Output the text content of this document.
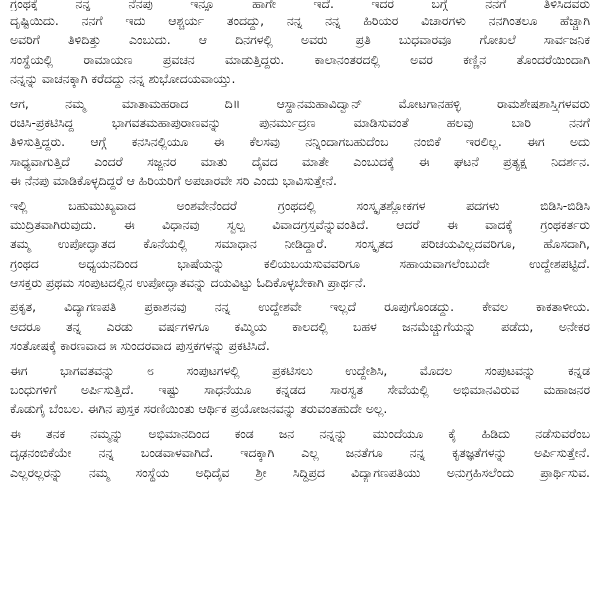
ಗ್ರಂಥಕ್ಕೆ ನನ್ನ ನೆನಪು ಇನ್ನೂ ಹಾಗೇ ಇದೆ. ಇದರ ಬಗ್ಗೆ ನನಗೆ ತಿಳಿಸಿದವರು
ದೃಷ್ಟಿಯಿದು. ನನಗೆ ಇದು ಆಶ್ಚರ್ಯ ತಂದದ್ದು, ನನ್ನ ನನ್ನ ಹಿರಿಯರ ವಿಚಾರಗಳು ನನಗಿಂತಲೂ ಹೆಚ್ಚಾಗಿ
ಅವರಿಗೆ ತಿಳಿದಿತ್ತು ಎಂಬುದು. ಆ ದಿನಗಳಲ್ಲಿ ಅವರು ಪ್ರತಿ ಬುಧವಾರವೂ ಗೋಖಲೆ ಸಾರ್ವಜನಿಕ
ಸಂಸ್ಥೆಯಲ್ಲಿ ರಾಮಾಯಣ ಪ್ರವಚನ ಮಾಡುತ್ತಿದ್ದರು. ಕಾಲಾನಂತರದಲ್ಲಿ ಅವರ ಕಣ್ಣಿನ ತೊಂದರೆಯಿಂದಾಗಿ
ನನ್ನನ್ನು ವಾಚನಕ್ಕಾಗಿ ಕರೆದದ್ದು ನನ್ನ ಶುಭೋದಯವಾಯ್ತು.
ಆಗ, ನಮ್ಮ ಮಾತಾಮಹರಾದ ದಿ॥ ಆಸ್ಥಾನಮಹಾವಿದ್ವಾನ್ ಮೋಟಗಾನಹಳ್ಳಿ ರಾಮಶೇಷಶಾಸ್ತ್ರಿಗಳವರು
ರಚಿಸಿ-ಪ್ರಕಟಿಸಿದ್ದ ಭಾಗವತಮಹಾಪುರಾಣವನ್ನು ಪುನರ್ಮುದ್ರಣ ಮಾಡಿಸುವಂತೆ ಹಲವು ಬಾರಿ ನನಗೆ
ತಿಳಿಸುತ್ತಿದ್ದರು. ಆಗ್ಗೆ ಕನಸಿನಲ್ಲಿಯೂ ಈ ಕೆಲಸವು ನನ್ನಿಂದಾಗಬಹುದೆಂಬ ನಂಬಿಕೆ ಇರಲಿಲ್ಲ. ಈಗ ಅದು
ಸಾಧ್ಯವಾಗುತ್ತಿದೆ ಎಂದರೆ ಸಜ್ಜನರ ಮಾತು ದೈವದ ಮಾತೇ ಎಂಬುದಕ್ಕೆ ಈ ಘಟನೆ ಪ್ರತ್ಯಕ್ಷ ನಿದರ್ಶನ.
ಈ ನೆನಪು ಮಾಡಿಕೊಳ್ಳದಿದ್ದರೆ ಆ ಹಿರಿಯರಿಗೆ ಅಪಚಾರವೇ ಸರಿ ಎಂದು ಭಾವಿಸುತ್ತೇನೆ.
ಇಲ್ಲಿ ಬಹುಮುಖ್ಯವಾದ ಅಂಶವೇನೆಂದರೆ ಗ್ರಂಥದಲ್ಲಿ ಸಂಸ್ಕೃತಶ್ಲೋಕಗಳ ಪದಗಳು ಬಿಡಿಸಿ-ಬಿಡಿಸಿ
ಮುದ್ರಿತವಾಗಿರುವುದು. ಈ ವಿಧಾನವು ಸ್ವಲ್ಪ ವಿವಾದಗ್ರಸ್ತವೆನ್ನುವಂತಿದೆ. ಆದರೆ ಈ ವಾದಕ್ಕೆ ಗ್ರಂಥಕರ್ತರು
ತಮ್ಮ ಉಪೋದ್ಘಾತದ ಕೊನೆಯಲ್ಲಿ ಸಮಾಧಾನ ನೀಡಿದ್ದಾರೆ. ಸಂಸ್ಕೃತದ ಪರಿಚಯವಿಲ್ಲದವರಿಗೂ, ಹೊಸದಾಗಿ,
ಗ್ರಂಥದ ಅಧ್ಯಯನದಿಂದ ಭಾಷೆಯನ್ನು ಕಲಿಯಬಯಸುವವರಿಗೂ ಸಹಾಯವಾಗಲೆಂಬುದೇ ಉದ್ದೇಶಪಟ್ಟಿದೆ.
ಆಸಕ್ತರು ಪ್ರಥಮ ಸಂಪುಟದಲ್ಲಿನ ಉಪೋದ್ಘಾತವನ್ನು ದಯವಿಟ್ಟು ಓದಿಕೊಳ್ಳಬೇಕಾಗಿ ಪ್ರಾರ್ಥನೆ.
ಪ್ರಕೃತ, ವಿದ್ಯಾಗಣಪತಿ ಪ್ರಕಾಶನವು ನನ್ನ ಉದ್ದೇಶವೇ ಇಲ್ಲದೆ ರೂಪುಗೊಂಡದ್ದು. ಕೇವಲ ಕಾಕತಾಳೀಯ.
ಆದರೂ ತನ್ನ ಎರಡು ವರ್ಷಗಳಿಗೂ ಕಮ್ಮಿಯ ಕಾಲದಲ್ಲಿ ಬಹಳ ಜನಮೆಚ್ಚುಗೆಯನ್ನು ಪಡೆದು, ಅನೇಕರ
ಸಂತೋಷಕ್ಕೆ ಕಾರಣವಾದ ೫ ಸುಂದರವಾದ ಪುಸ್ತಕಗಳನ್ನು ಪ್ರಕಟಿಸಿದೆ.
ಈಗ ಭಾಗವತವನ್ನು ೮ ಸಂಪುಟಗಳಲ್ಲಿ ಪ್ರಕಟಿಸಲು ಉದ್ದೇಶಿಸಿ, ಮೊದಲ ಸಂಪುಟವನ್ನು ಕನ್ನಡ
ಬಂಧುಗಳಿಗೆ ಅರ್ಪಿಸುತ್ತಿದೆ. ಇಷ್ಟು ಸಾಧನೆಯೂ ಕನ್ನಡದ ಸಾರಸ್ವತ ಸೇವೆಯಲ್ಲಿ ಅಭಿಮಾನವಿರುವ ಮಹಾಜನರ
ಕೊಡುಗೈ ಬೆಂಬಲ. ಈಗಿನ ಪುಸ್ತಕ ಸರಣಿಯಿಂತು ಆರ್ಥಿಕ ಪ್ರಯೋಜನವನ್ನು ತರುವಂತಹುದೇ ಅಲ್ಲ.
ಈ ತನಕ ನಮ್ಮನ್ನು ಅಭಿಮಾನದಿಂದ ಕಂಡ ಜನ ನನ್ನನ್ನು ಮುಂದೆಯೂ ಕೈ ಹಿಡಿದು ನಡೆಸುವರೆಂಬ
ದೃಢನಂಬಿಕೆಯೇ ನನ್ನ ಬಂಡವಾಳವಾಗಿದೆ. ಇದಕ್ಕಾಗಿ ಎಲ್ಲ ಜನತೆಗೂ ನನ್ನ ಕೃತಜ್ಞತೆಗಳನ್ನು ಅರ್ಪಿಸುತ್ತೇನೆ.
ಎಲ್ಲರಲ್ಲರನ್ನು ನಮ್ಮ ಸಂಸ್ಥೆಯ ಅಧಿದೈವ ಶ್ರೀ ಸಿದ್ಧಿಪ್ರದ ವಿದ್ಯಾಗಣಪತಿಯು ಅನುಗ್ರಹಿಸಲೆಂದು ಪ್ರಾರ್ಥಿಸುವ.
